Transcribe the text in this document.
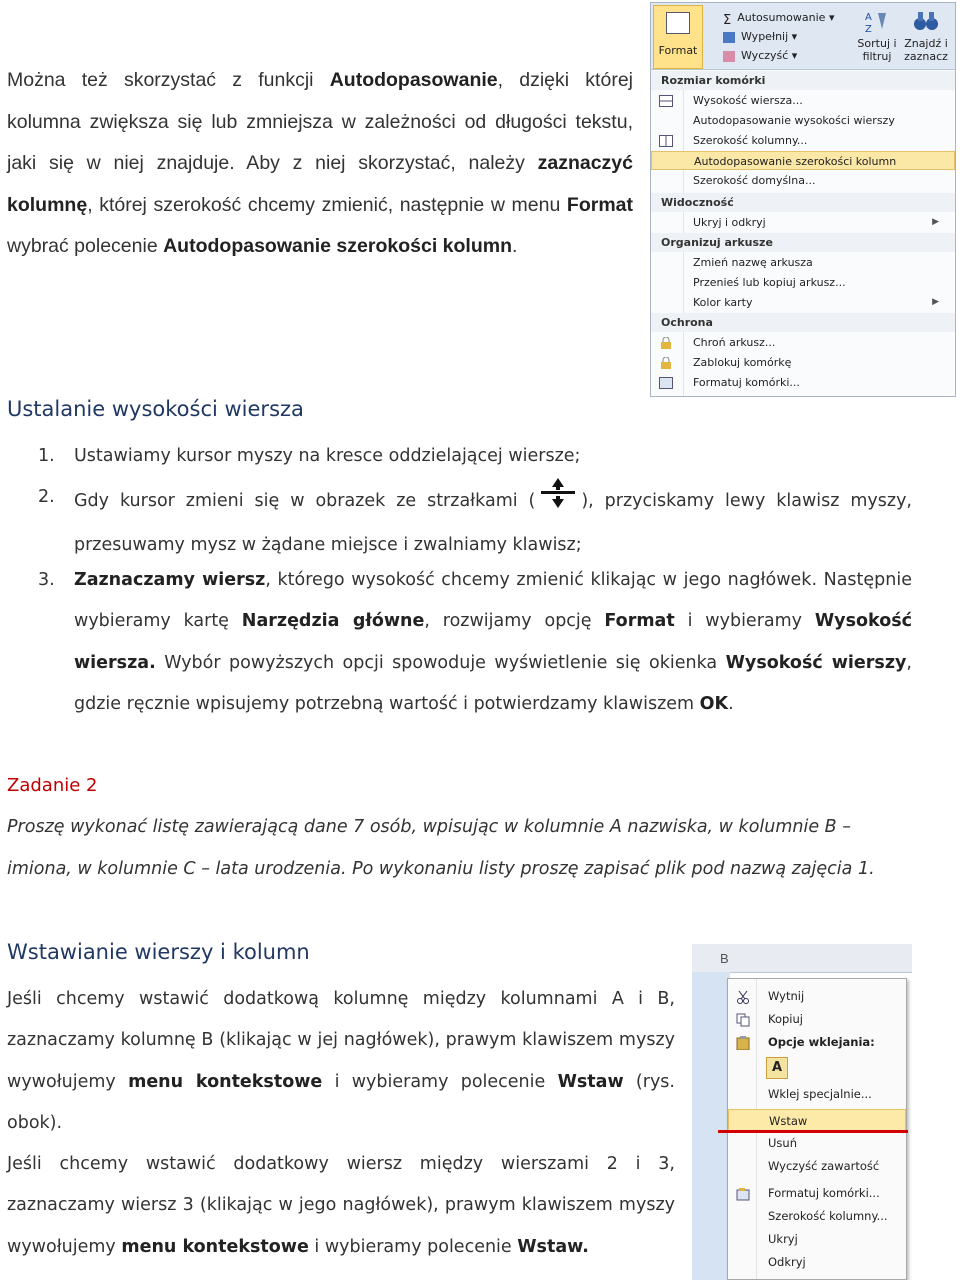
Można też skorzystać z funkcji Autodopasowanie, dzięki której kolumna zwiększa się lub zmniejsza w zależności od długości tekstu, jaki się w niej znajduje. Aby z niej skorzystać, należy zaznaczyć kolumnę, której szerokość chcemy zmienić, następnie w menu Format wybrać polecenie Autodopasowanie szerokości kolumn.
Format
Σ Autosumowanie ▾
Wypełnij ▾
Wyczyść ▾
A
Z
Sortuj i filtruj
Znajdź i zaznacz
Rozmiar komórki
Wysokość wiersza...
Autodopasowanie wysokości wierszy
Szerokość kolumny...
Autodopasowanie szerokości kolumn
Szerokość domyślna...
Widoczność
Ukryj i odkryj	▶
Organizuj arkusze
Zmień nazwę arkusza
Przenieś lub kopiuj arkusz...
Kolor karty	▶
Ochrona
Chroń arkusz...
Zablokuj komórkę
Formatuj komórki...
Ustalanie wysokości wiersza
1. Ustawiamy kursor myszy na kresce oddzielającej wiersze;
2. Gdy kursor zmieni się w obrazek ze strzałkami (	), przyciskamy lewy klawisz myszy, przesuwamy mysz w żądane miejsce i zwalniamy klawisz;
3. Zaznaczamy wiersz, którego wysokość chcemy zmienić klikając w jego nagłówek. Następnie wybieramy kartę Narzędzia główne, rozwijamy opcję Format i wybieramy Wysokość wiersza. Wybór powyższych opcji spowoduje wyświetlenie się okienka Wysokość wierszy, gdzie ręcznie wpisujemy potrzebną wartość i potwierdzamy klawiszem OK.
Zadanie 2
Proszę wykonać listę zawierającą dane 7 osób, wpisując w kolumnie A nazwiska, w kolumnie B – imiona, w kolumnie C – lata urodzenia. Po wykonaniu listy proszę zapisać plik pod nazwą zajęcia 1.
Wstawianie wierszy i kolumn
Jeśli chcemy wstawić dodatkową kolumnę między kolumnami A i B, zaznaczamy kolumnę B (klikając w jej nagłówek), prawym klawiszem myszy wywołujemy menu kontekstowe i wybieramy polecenie Wstaw (rys. obok).
Jeśli chcemy wstawić dodatkowy wiersz między wierszami 2 i 3, zaznaczamy wiersz 3 (klikając w jego nagłówek), prawym klawiszem myszy wywołujemy menu kontekstowe i wybieramy polecenie Wstaw.
B
Wytnij
Kopiuj
Opcje wklejania:
A
Wklej specjalnie...
Wstaw
Usuń
Wyczyść zawartość
Formatuj komórki...
Szerokość kolumny...
Ukryj
Odkryj
